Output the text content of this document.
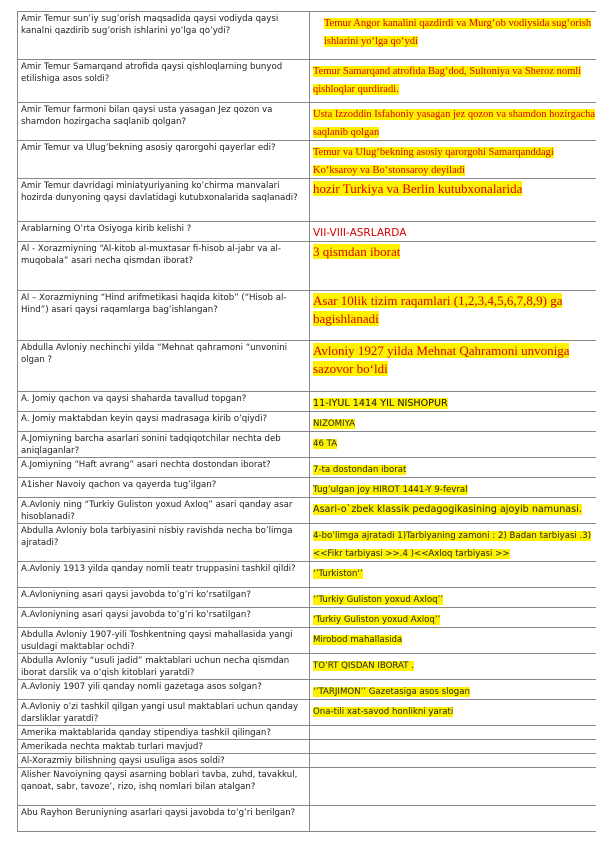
Amir Temur sun’iy sug’orish maqsadida qaysi vodiyda qaysi kanalni qazdirib sug’orish ishlarini yo’lga qo’ydi?	Temur Angor kanalini qazdirdi va Murg‘ob vodiysida sug‘orish ishlarini yo‘lga qo‘ydi
Amir Temur Samarqand atrofida qaysi qishloqlarning bunyod etilishiga asos soldi?	Temur Samarqand atrofida Bag‘dod, Sultoniya va Sheroz nomli qishloqlar qurdiradi.
Amir Temur farmoni bilan qaysi usta yasagan Jez qozon va shamdon hozirgacha saqlanib qolgan?	Usta Izzoddin Isfahoniy yasagan jez qozon va shamdon hozirgacha saqlanib qolgan
Amir Temur va Ulug’bekning asosiy qarorgohi qayerlar edi?	Temur va Ulug‘bekning asosiy qarorgohi Samarqanddagi Ko‘ksaroy va Bo‘stonsaroy deyiladi
Amir Temur davridagi miniatyuriyaning ko’chirma manvalari hozirda dunyoning qaysi davlatidagi kutubxonalarida saqlanadi?	hozir Turkiya va Berlin kutubxonalarida
Arablarning O’rta Osiyoga kirib kelishi ?	VII-VIII-ASRLARDA
Al - Xorazmiyning “Al-kitob al-muxtasar fi-hisob al-jabr va al-muqobala” asari necha qismdan iborat?	3 qismdan iborat
Al – Xorazmiyning “Hind arifmetikasi haqida kitob” (“Hisob al-Hind”) asari qaysi raqamlarga bag’ishlangan?	Asar 10lik tizim raqamlari (1,2,3,4,5,6,7,8,9) ga bagishlanadi
Abdulla Avloniy nechinchi yilda “Mehnat qahramoni “unvonini olgan ?	Avloniy 1927 yilda Mehnat Qahramoni unvoniga sazovor bo‘ldi
A. Jomiy qachon va qaysi shaharda tavallud topgan?	11-IYUL 1414 YIL NISHOPUR
A. Jomiy maktabdan keyin qaysi madrasaga kirib o’qiydi?	NIZOMIYA
A.Jomiyning barcha asarlari sonini tadqiqotchilar nechta deb aniqlaganlar?	46 TA
A.Jomiyning “Haft avrang” asari nechta dostondan iborat?	7-ta dostondan iborat
A1isher Navoiy qachon va qayerda tug’ilgan?	Tug’ulgan joy HIROT 1441-Y 9-fevral
A.Avloniy ning “Turkiy Guliston yoxud Axloq” asari qanday asar hisoblanadi?	Asari-o`zbek klassik pedagogikasining ajoyib namunasi.
Abdulla Avloniy bola tarbiyasini nisbiy ravishda necha bo’limga ajratadi?	4-bo’limga ajratadi 1)Tarbiyaning zamoni : 2) Badan tarbiyasi .3) <<Fikr tarbiyasi >>.4 )<<Axloq tarbiyasi >>
A.Avloniy 1913 yilda qanday nomli teatr truppasini tashkil qildi?	‘’Turkiston‘’
A.Avloniyning asari qaysi javobda to’g’ri ko’rsatilgan?	‘’Turkiy Guliston yoxud Axloq’’
A.Avloniyning asari qaysi javobda to’g’ri ko’rsatilgan?	‘Turkiy Guliston yoxud Axloq’’
Abdulla Avloniy 1907-yili Toshkentning qaysi mahallasida yangi usuldagi maktablar ochdi?	Mirobod mahallasida
Abdulla Avloniy “usuli jadid” maktablari uchun necha qismdan iborat darslik va o’qish kitoblari yaratdi?	TO’RT QISDAN IBORAT .
A.Avloniy 1907 yili qanday nomli gazetaga asos solgan?	‘’TARJIMON’’ Gazetasiga asos slogan
A.Avloniy o’zi tashkil qilgan yangi usul maktablari uchun qanday darsliklar yaratdi?	Ona-tili xat-savod honlikni yarati
Amerika maktablarida qanday stipendiya tashkil qilingan?	
Amerikada nechta maktab turlari mavjud?	
Al-Xorazmiy bilishning qaysi usuliga asos soldi?	
Alisher Navoiyning qaysi asarning boblari tavba, zuhd, tavakkul, qanoat, sabr, tavozе’, rizo, ishq nomlari bilan atalgan?	
Abu Rayhon Beruniyning asarlari qaysi javobda to’g’ri berilgan?	
